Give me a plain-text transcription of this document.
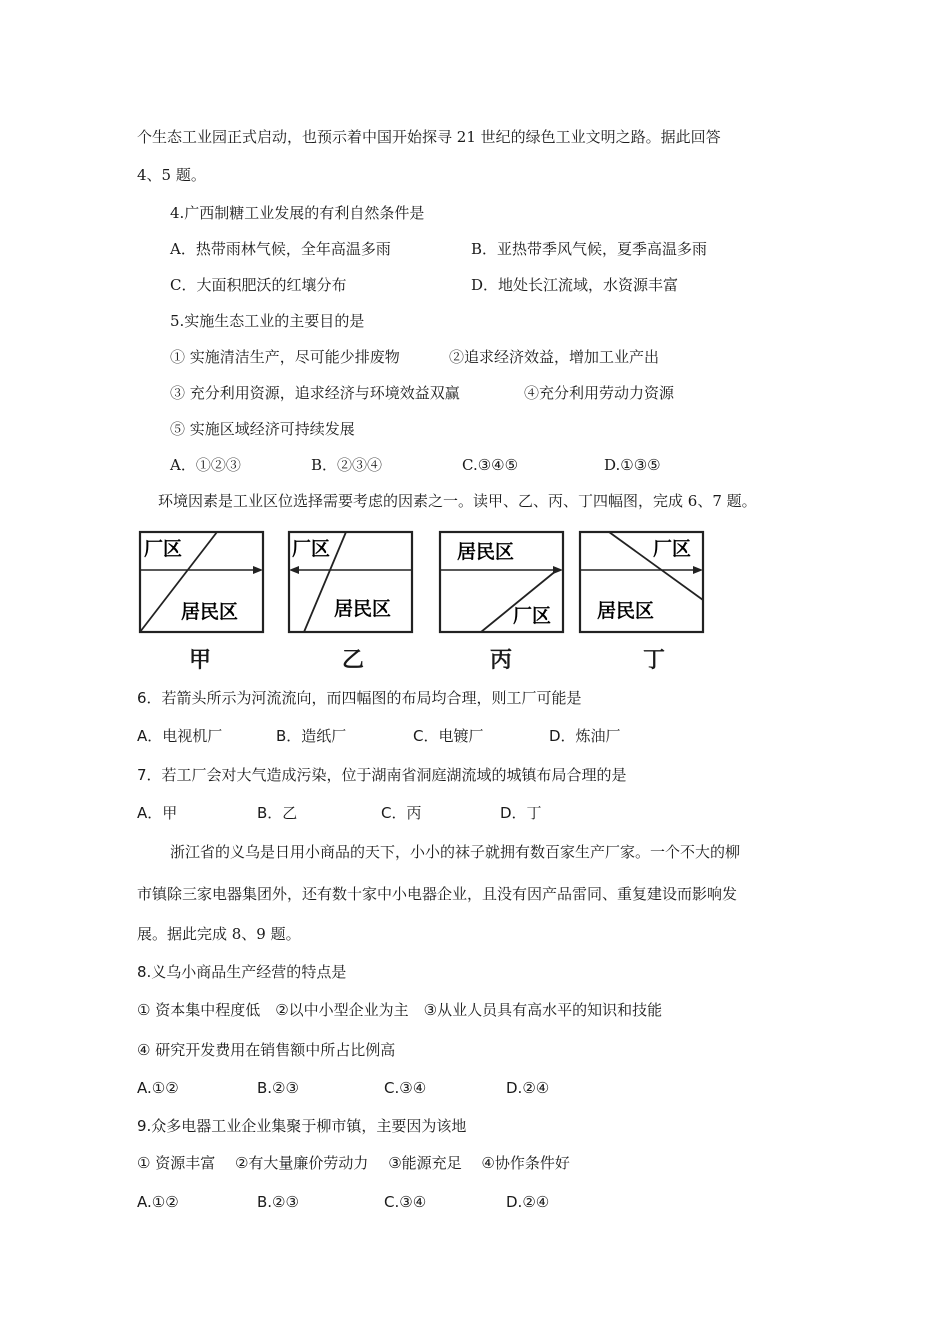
个生态工业园正式启动，也预示着中国开始探寻 21 世纪的绿色工业文明之路。据此回答
4、5 题。
4.广西制糖工业发展的有利自然条件是
A．热带雨林气候，全年高温多雨	B．亚热带季风气候，夏季高温多雨
C．大面积肥沃的红壤分布	D．地处长江流域，水资源丰富
5.实施生态工业的主要目的是
① 实施清洁生产，尽可能少排废物	②追求经济效益，增加工业产出
③ 充分利用资源，追求经济与环境效益双赢	④充分利用劳动力资源
⑤ 实施区域经济可持续发展
A．①②③	B．②③④	C.③④⑤	D.①③⑤
环境因素是工业区位选择需要考虑的因素之一。读甲、乙、丙、丁四幅图，完成 6、7 题。
厂区
居民区
甲
厂区
居民区
乙
居民区
厂区
丙
厂区
居民区
丁
6．若箭头所示为河流流向，而四幅图的布局均合理，则工厂可能是
A．电视机厂	B．造纸厂	C．电镀厂	D．炼油厂
7．若工厂会对大气造成污染，位于湖南省洞庭湖流域的城镇布局合理的是
A．甲	B．乙	C．丙	D．丁
浙江省的义乌是日用小商品的天下，小小的袜子就拥有数百家生产厂家。一个不大的柳
市镇除三家电器集团外，还有数十家中小电器企业，且没有因产品雷同、重复建设而影响发
展。据此完成 8、9 题。
8.义乌小商品生产经营的特点是
① 资本集中程度低　②以中小型企业为主　③从业人员具有高水平的知识和技能
④ 研究开发费用在销售额中所占比例高
A.①②	B.②③	C.③④	D.②④
9.众多电器工业企业集聚于柳市镇，主要因为该地
① 资源丰富　 ②有大量廉价劳动力　 ③能源充足　 ④协作条件好
A.①②	B.②③	C.③④	D.②④
